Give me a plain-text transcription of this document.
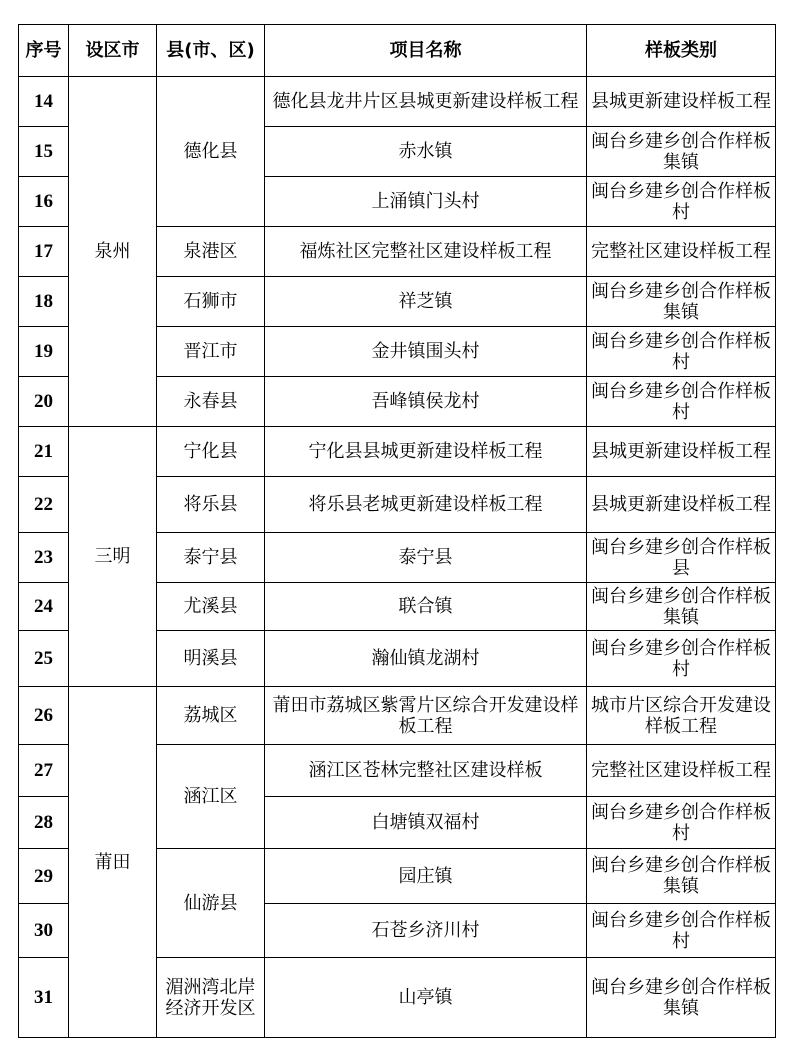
序号	设区市	县(市、区)	项目名称	样板类别
14	泉州	德化县	德化县龙井片区县城更新建设样板工程	县城更新建设样板工程
15			赤水镇	闽台乡建乡创合作样板集镇
16			上涌镇门头村	闽台乡建乡创合作样板村
17		泉港区	福炼社区完整社区建设样板工程	完整社区建设样板工程
18		石狮市	祥芝镇	闽台乡建乡创合作样板集镇
19		晋江市	金井镇围头村	闽台乡建乡创合作样板村
20		永春县	吾峰镇侯龙村	闽台乡建乡创合作样板村
21	三明	宁化县	宁化县县城更新建设样板工程	县城更新建设样板工程
22		将乐县	将乐县老城更新建设样板工程	县城更新建设样板工程
23		泰宁县	泰宁县	闽台乡建乡创合作样板县
24		尤溪县	联合镇	闽台乡建乡创合作样板集镇
25		明溪县	瀚仙镇龙湖村	闽台乡建乡创合作样板村
26	莆田	荔城区	莆田市荔城区紫霄片区综合开发建设样板工程	城市片区综合开发建设样板工程
27		涵江区	涵江区苍林完整社区建设样板	完整社区建设样板工程
28			白塘镇双福村	闽台乡建乡创合作样板村
29		仙游县	园庄镇	闽台乡建乡创合作样板集镇
30			石苍乡济川村	闽台乡建乡创合作样板村
31		湄洲湾北岸经济开发区	山亭镇	闽台乡建乡创合作样板集镇
